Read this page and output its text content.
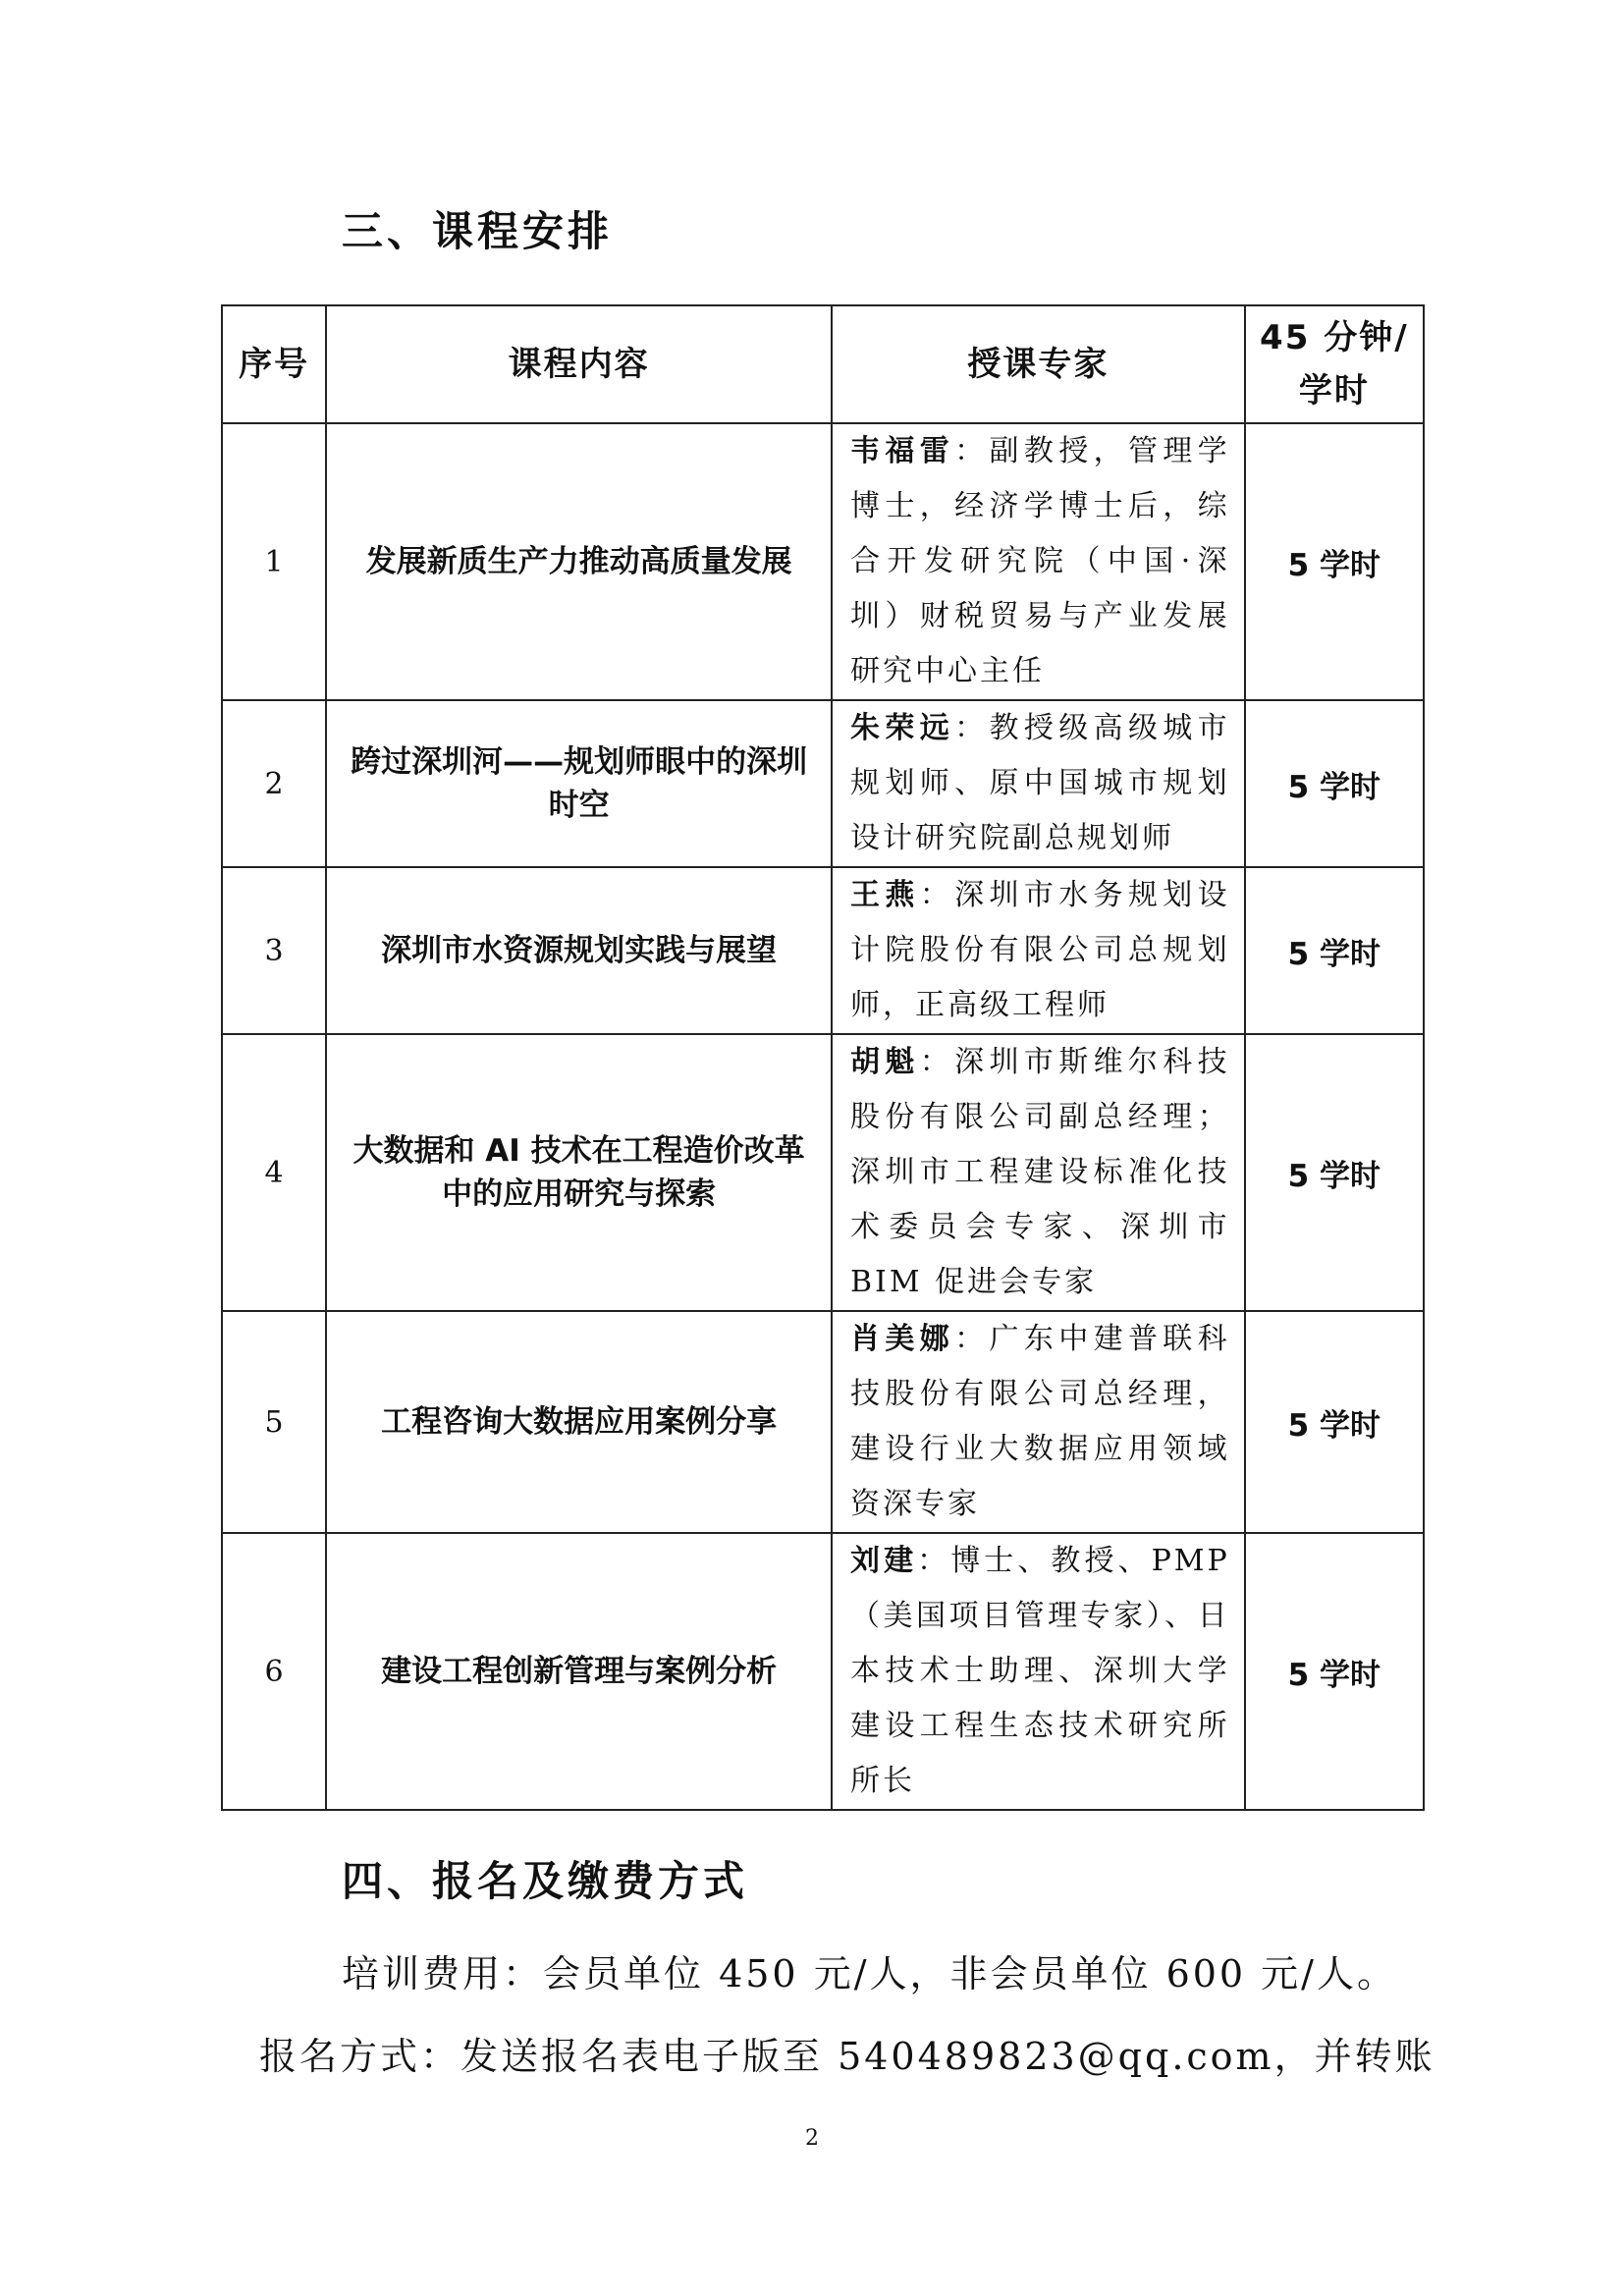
三、课程安排
序号	课程内容	授课专家	45 分钟/学时
1	发展新质生产力推动高质量发展	韦福雷：副教授，管理学博士，经济学博士后，综合开发研究院（中国·深圳）财税贸易与产业发展研究中心主任	5 学时
2	跨过深圳河——规划师眼中的深圳时空	朱荣远：教授级高级城市规划师、原中国城市规划设计研究院副总规划师	5 学时
3	深圳市水资源规划实践与展望	王燕：深圳市水务规划设计院股份有限公司总规划师，正高级工程师	5 学时
4	大数据和 AI 技术在工程造价改革中的应用研究与探索	胡魁：深圳市斯维尔科技股份有限公司副总经理；深圳市工程建设标准化技术委员会专家、深圳市 BIM 促进会专家	5 学时
5	工程咨询大数据应用案例分享	肖美娜：广东中建普联科技股份有限公司总经理，建设行业大数据应用领域资深专家	5 学时
6	建设工程创新管理与案例分析	刘建：博士、教授、PMP（美国项目管理专家）、日本技术士助理、深圳大学建设工程生态技术研究所所长	5 学时
四、报名及缴费方式

培训费用：会员单位 450 元/人，非会员单位 600 元/人。

报名方式：发送报名表电子版至 540489823@qq.com，并转账

2
